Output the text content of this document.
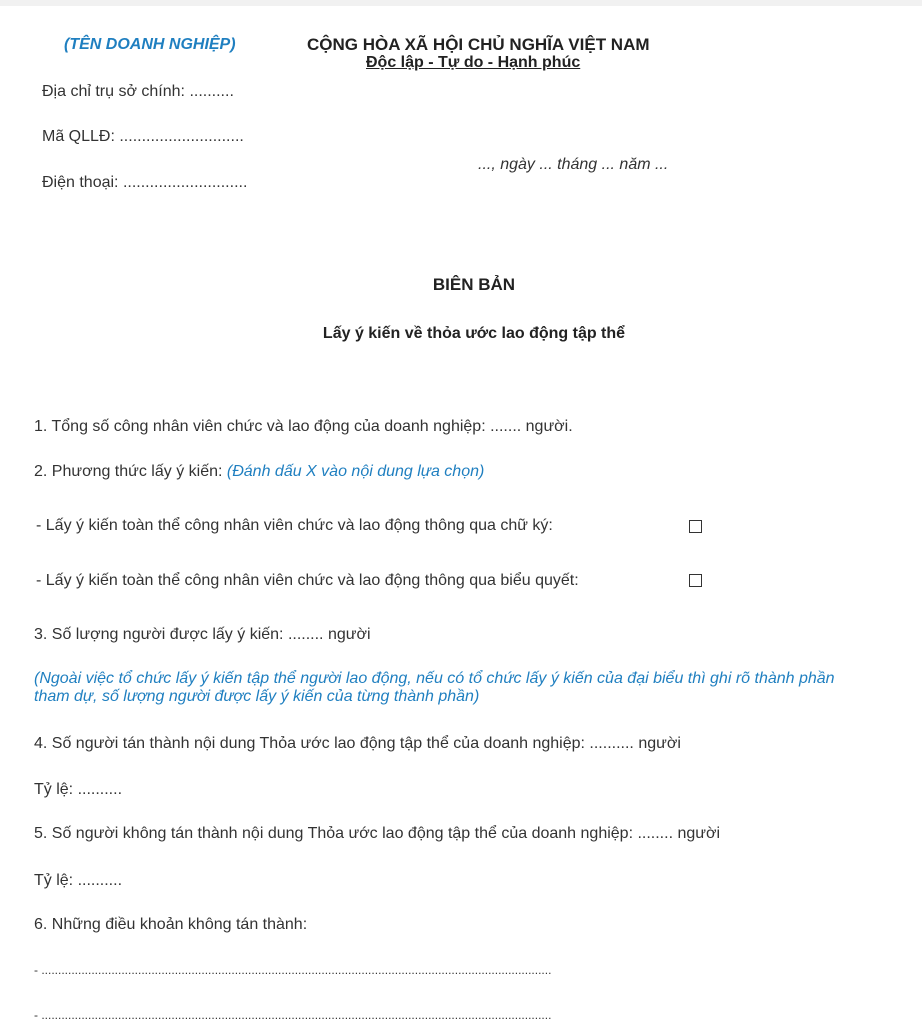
(TÊN DOANH NGHIỆP)	CỘNG HÒA XÃ HỘI CHỦ NGHĨA VIỆT NAM
Độc lập - Tự do - Hạnh phúc
Địa chỉ trụ sở chính: ..........
Mã QLLĐ: ............................
Điện thoại: ............................
..., ngày ... tháng ... năm ...
BIÊN BẢN
Lấy ý kiến về thỏa ước lao động tập thể
1. Tổng số công nhân viên chức và lao động của doanh nghiệp: ....... người.
2. Phương thức lấy ý kiến: (Đánh dấu X vào nội dung lựa chọn)
- Lấy ý kiến toàn thể công nhân viên chức và lao động thông qua chữ ký:
- Lấy ý kiến toàn thể công nhân viên chức và lao động thông qua biểu quyết:
3. Số lượng người được lấy ý kiến: ........ người
(Ngoài việc tổ chức lấy ý kiến tập thể người lao động, nếu có tổ chức lấy ý kiến của đại biểu thì ghi rõ thành phần
tham dự, số lượng người được lấy ý kiến của từng thành phần)
4. Số người tán thành nội dung Thỏa ước lao động tập thể của doanh nghiệp: .......... người
Tỷ lệ: ..........
5. Số người không tán thành nội dung Thỏa ước lao động tập thể của doanh nghiệp: ........ người
Tỷ lệ: ..........
6. Những điều khoản không tán thành:
- .........................................................................................................................................................
- .........................................................................................................................................................
